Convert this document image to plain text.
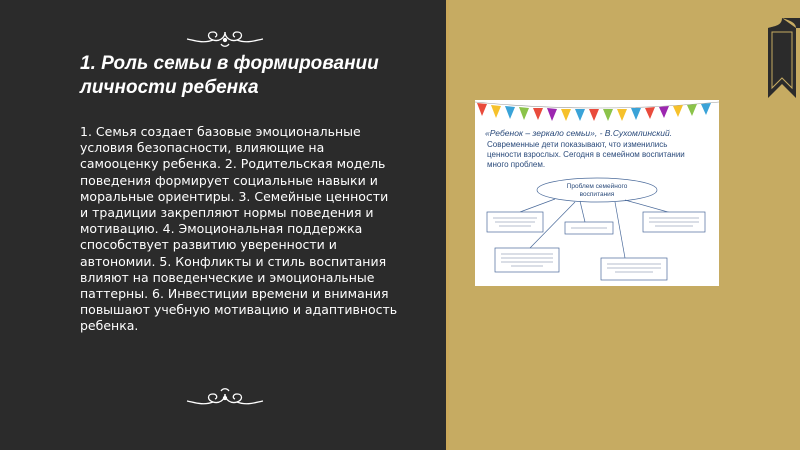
1. Роль семьи в формировании личности ребенка

1. Семья создает базовые эмоциональные условия безопасности, влияющие на самооценку ребенка. 2. Родительская модель поведения формирует социальные навыки и моральные ориентиры. 3. Семейные ценности и традиции закрепляют нормы поведения и мотивацию. 4. Эмоциональная поддержка способствует развитию уверенности и автономии. 5. Конфликты и стиль воспитания влияют на поведенческие и эмоциональные паттерны. 6. Инвестиции времени и внимания повышают учебную мотивацию и адаптивность ребенка.

«Ребенок – зеркало семьи», - В.Сухомлинский.
Современные дети показывают, что изменились
ценности взрослых. Сегодня в семейном воспитании
много проблем.
Проблем семейного
воспитания
